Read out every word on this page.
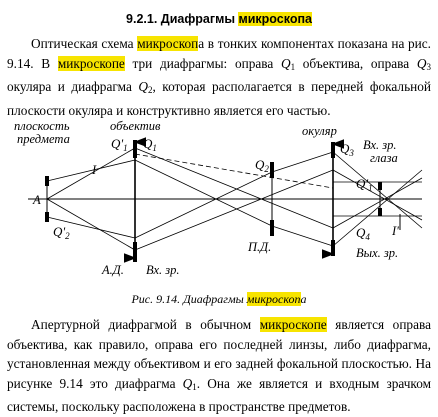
9.2.1. Диафрагмы микроскопа

Оптическая схема микроскопа в тонких компонентах показана на рис. 9.14. В микроскопе три диафрагмы: оправа $Q_1$ объектива, оправа $Q_3$ окуляра и диафрагма $Q_2$, которая располагается в передней фокальной плоскости окуляра и конструктивно является его частью.

плоскость
предмета
объектив	окуляр
Вх. зр.
глаза
$Q'_1$ $Q_1$
$Q_2$
$Q_3$
$Q'_1$
$Q_4$
$Q'_2$
A
I
I'
А.Д. Вх. зр.
П.Д.	Вых. зр.
Рис. 9.14. Диафрагмы микроскопа

Апертурной диафрагмой в обычном микроскопе является оправа объектива, как правило, оправа его последней линзы, либо диафрагма, установленная между объективом и его задней фокальной плоскостью. На рисунке 9.14 это диафрагма $Q_1$. Она же является и входным зрачком системы, поскольку расположена в пространстве предметов.
